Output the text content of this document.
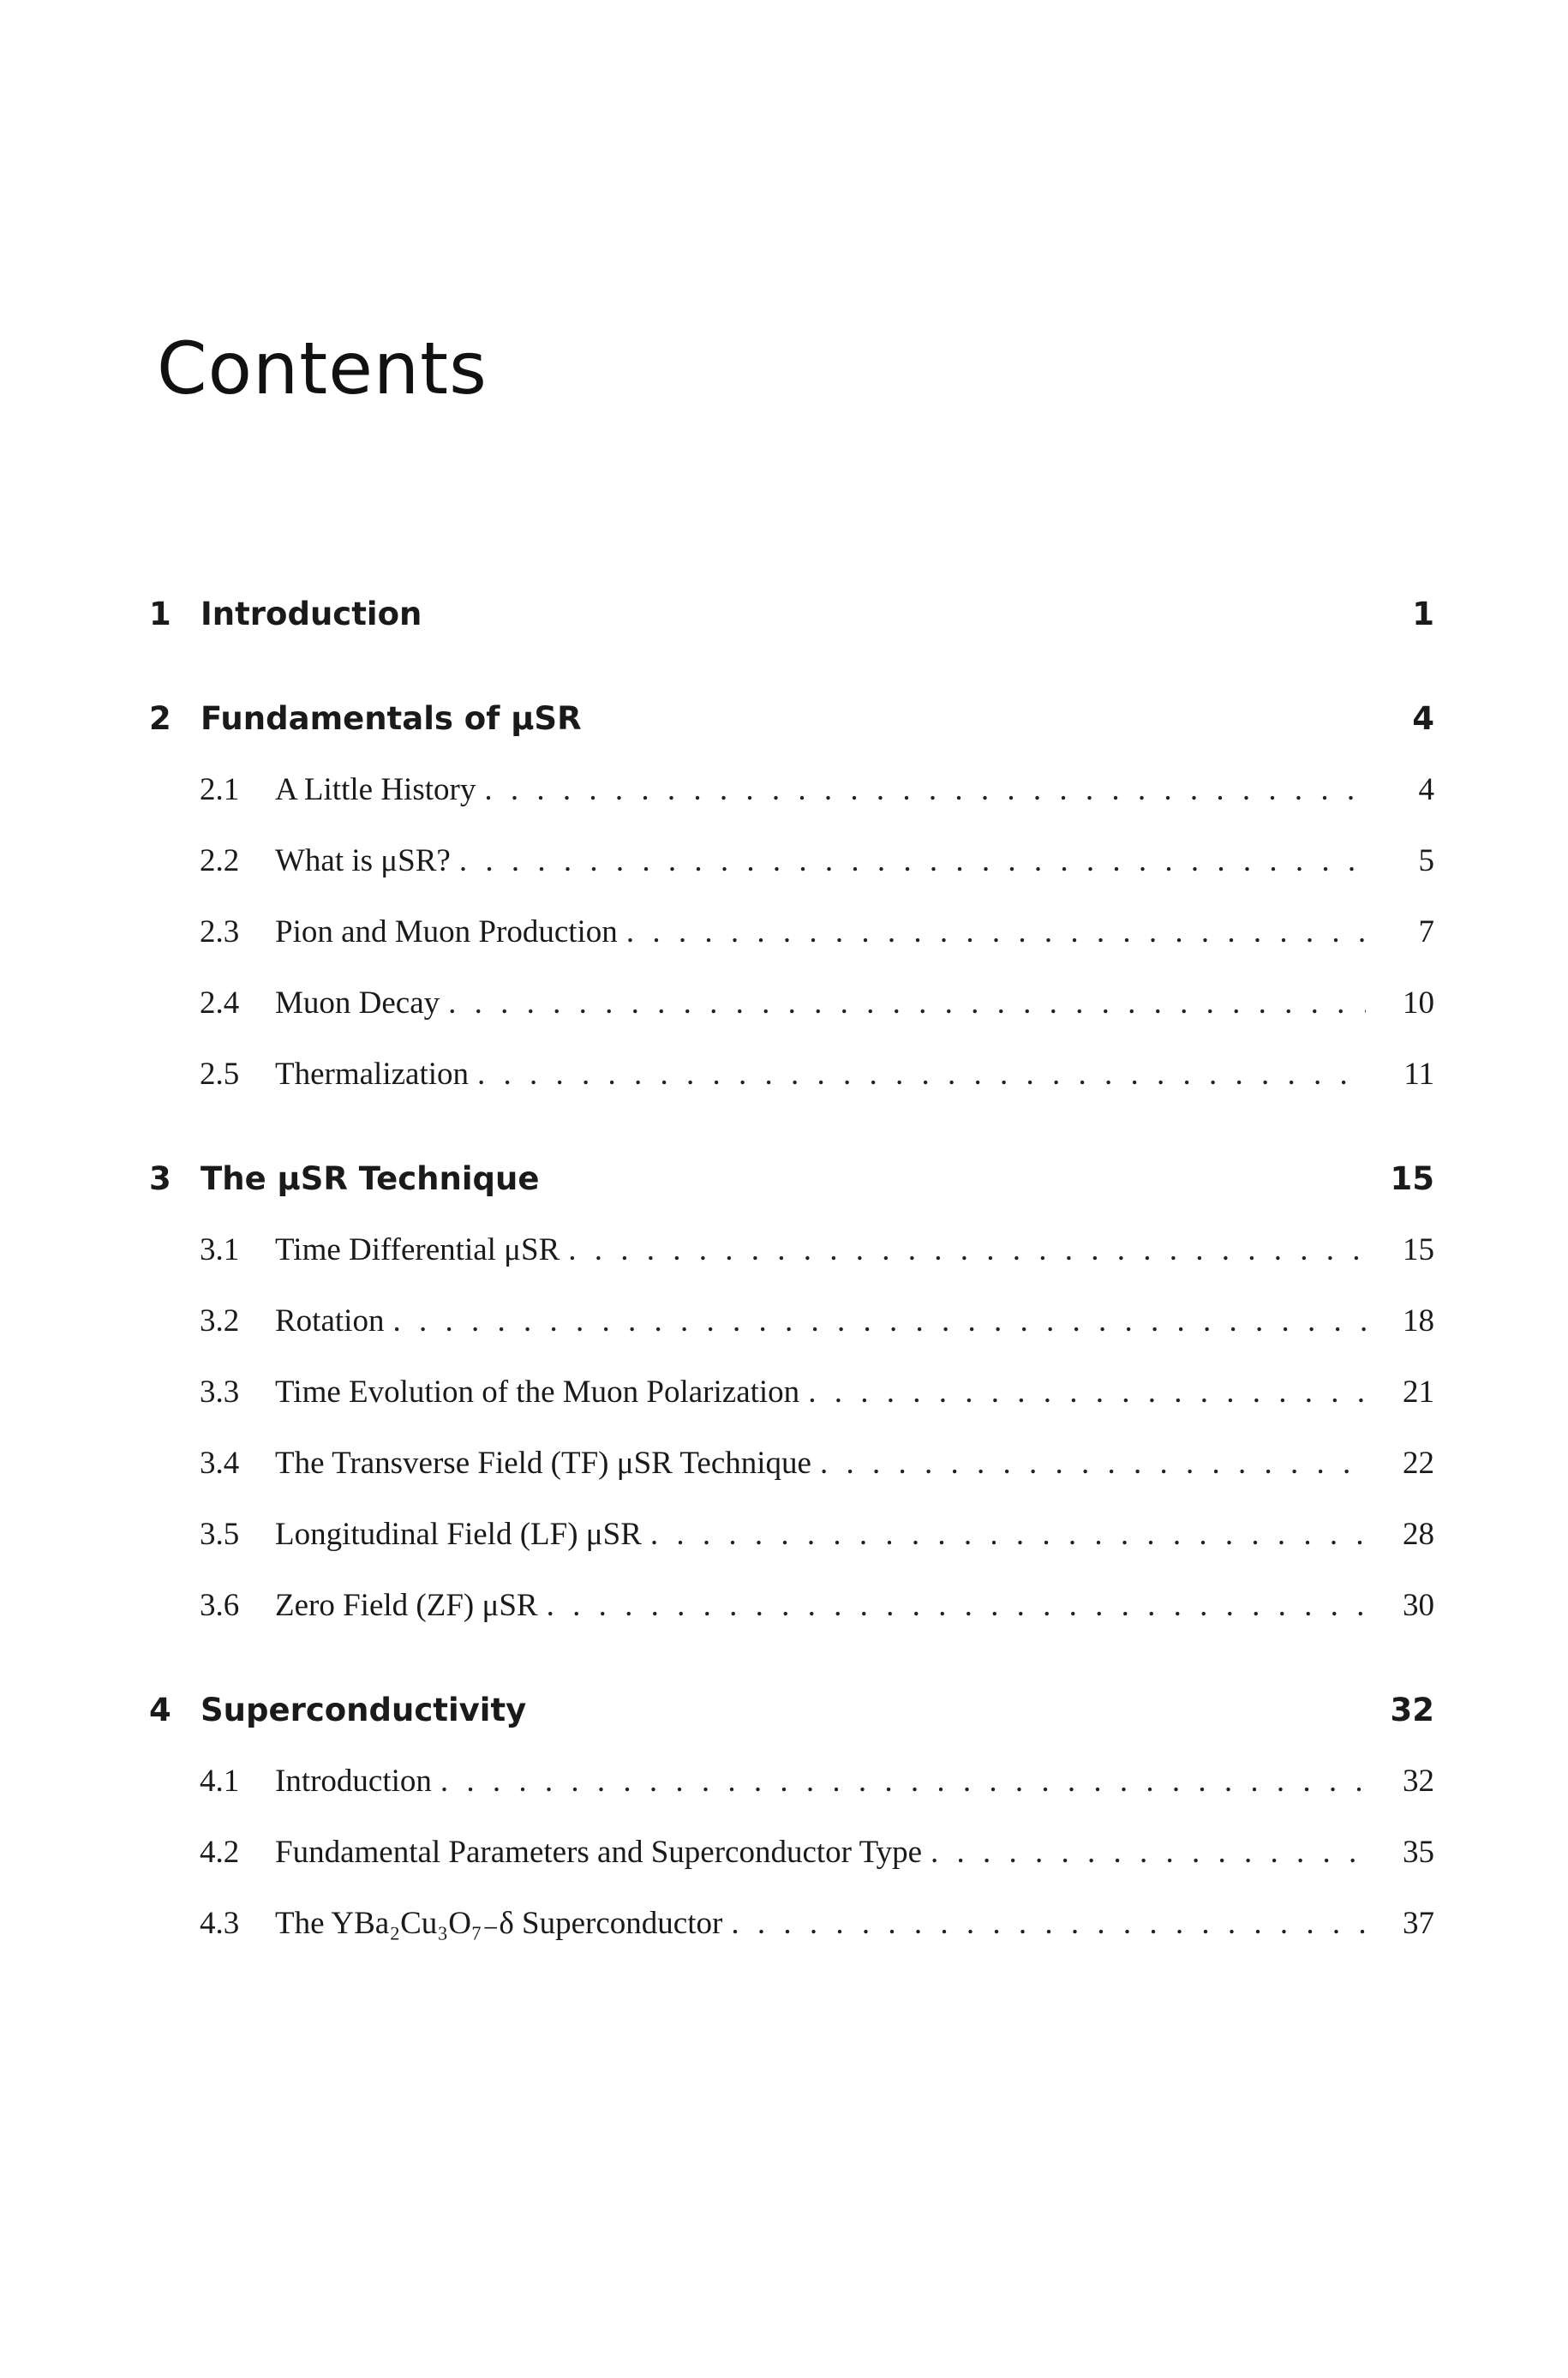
Contents
1 Introduction	1
2 Fundamentals of μSR	4
2.1	A Little History . . .	4
2.2	What is μSR? . . .	5
2.3	Pion and Muon Production . . .	7
2.4	Muon Decay . . .	10
2.5	Thermalization . . .	11
3 The μSR Technique	15
3.1	Time Differential μSR . . .	15
3.2	Rotation . . .	18
3.3	Time Evolution of the Muon Polarization . . .	21
3.4	The Transverse Field (TF) μSR Technique . . .	22
3.5	Longitudinal Field (LF) μSR . . .	28
3.6	Zero Field (ZF) μSR . . .	30
4 Superconductivity	32
4.1	Introduction . . .	32
4.2	Fundamental Parameters and Superconductor Type . . .	35
4.3	The YBa₂Cu₃O₇₋δ Superconductor . . .	37
